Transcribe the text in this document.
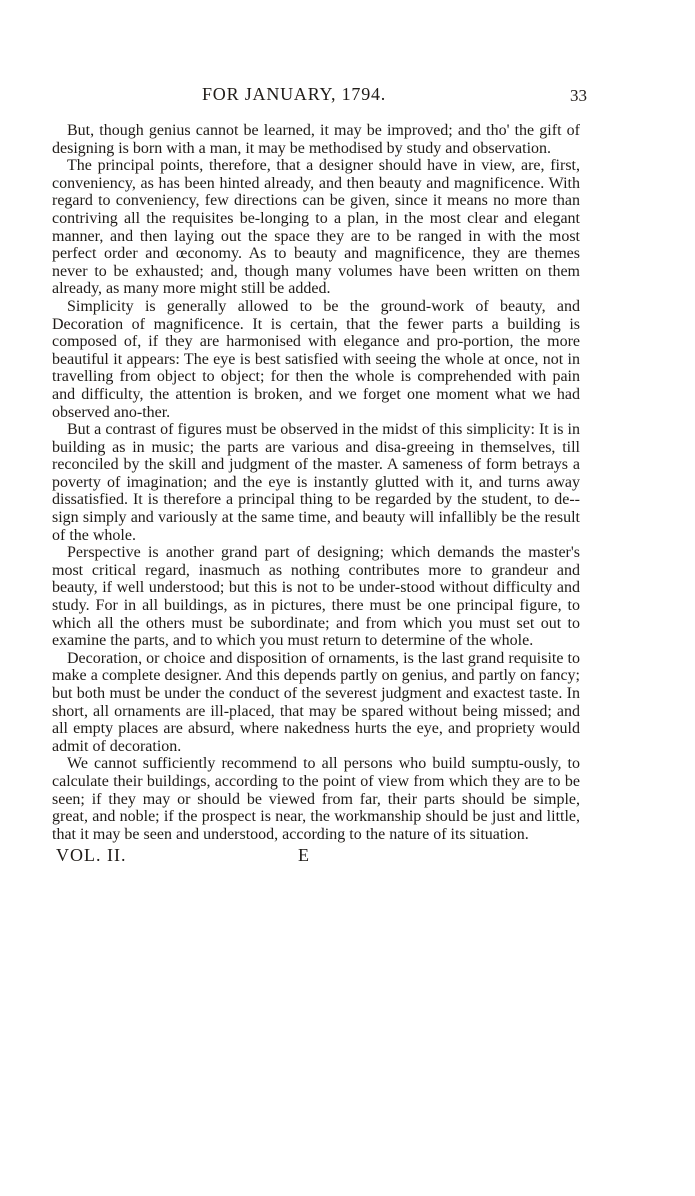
FOR JANUARY, 1794.	33

But, though genius cannot be learned, it may be improved; and tho' the gift of designing is born with a man, it may be methodised by study and observation.

The principal points, therefore, that a designer should have in view, are, first, conveniency, as has been hinted already, and then beauty and magnificence. With regard to conveniency, few directions can be given, since it means no more than contriving all the requisites be-longing to a plan, in the most clear and elegant manner, and then laying out the space they are to be ranged in with the most perfect order and œconomy. As to beauty and magnificence, they are themes never to be exhausted; and, though many volumes have been written on them already, as many more might still be added.

Simplicity is generally allowed to be the ground-work of beauty, and Decoration of magnificence. It is certain, that the fewer parts a building is composed of, if they are harmonised with elegance and pro-portion, the more beautiful it appears: The eye is best satisfied with seeing the whole at once, not in travelling from object to object; for then the whole is comprehended with pain and difficulty, the attention is broken, and we forget one moment what we had observed ano-ther.

But a contrast of figures must be observed in the midst of this simplicity: It is in building as in music; the parts are various and disa-greeing in themselves, till reconciled by the skill and judgment of the master. A sameness of form betrays a poverty of imagination; and the eye is instantly glutted with it, and turns away dissatisfied. It is therefore a principal thing to be regarded by the student, to de-sign simply and variously at the same time, and beauty will infallibly be the result of the whole.

Perspective is another grand part of designing; which demands the master's most critical regard, inasmuch as nothing contributes more to grandeur and beauty, if well understood; but this is not to be under-stood without difficulty and study. For in all buildings, as in pictures, there must be one principal figure, to which all the others must be subordinate; and from which you must set out to examine the parts, and to which you must return to determine of the whole.

Decoration, or choice and disposition of ornaments, is the last grand requisite to make a complete designer. And this depends partly on genius, and partly on fancy; but both must be under the conduct of the severest judgment and exactest taste. In short, all ornaments are ill-placed, that may be spared without being missed; and all empty places are absurd, where nakedness hurts the eye, and propriety would admit of decoration.

We cannot sufficiently recommend to all persons who build sumptu-ously, to calculate their buildings, according to the point of view from which they are to be seen; if they may or should be viewed from far, their parts should be simple, great, and noble; if the prospect is near, the workmanship should be just and little, that it may be seen and understood, according to the nature of its situation.

VOL. II.	E
